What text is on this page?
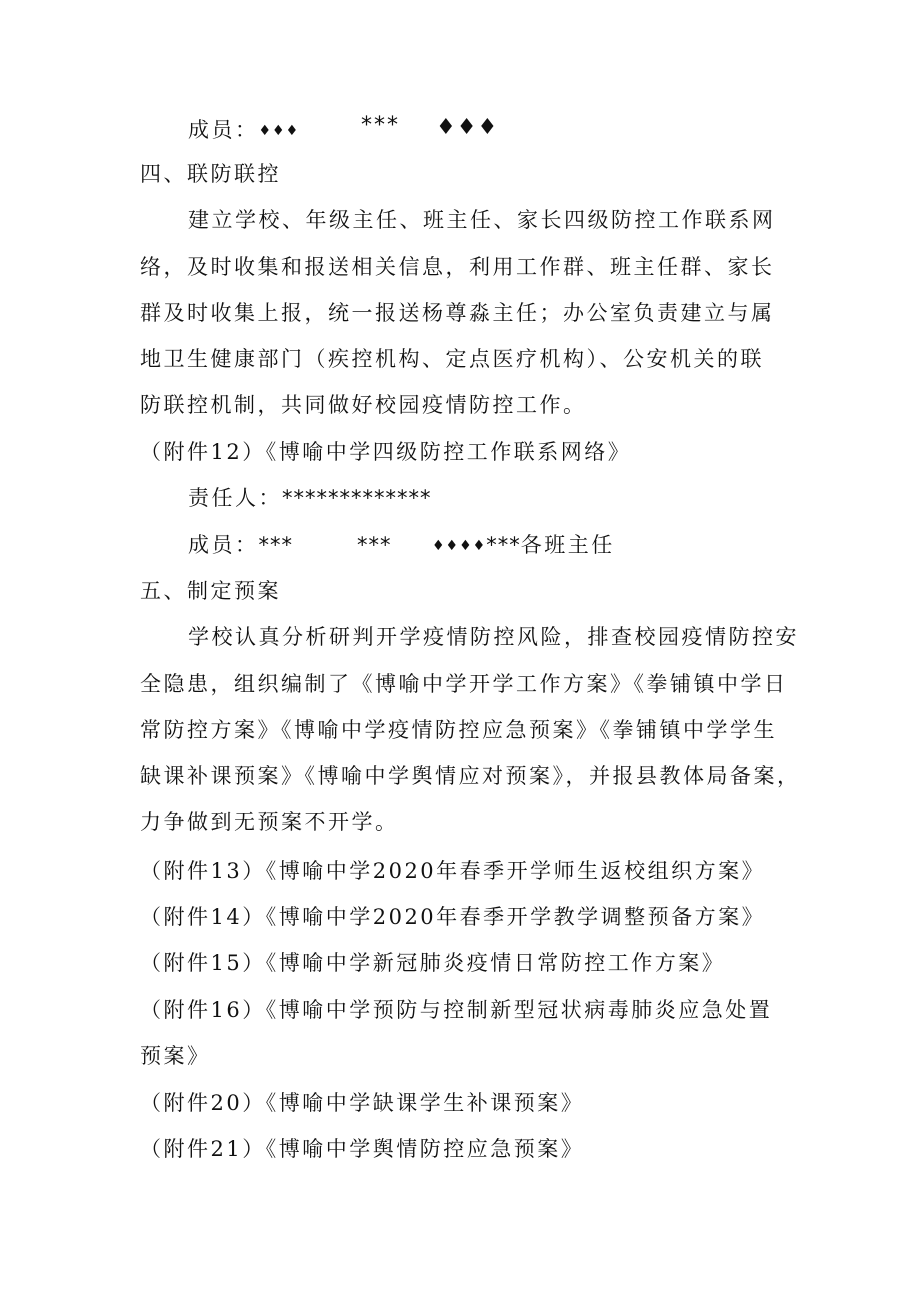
成员：♦♦♦	*** ♦♦♦
四、联防联控
建立学校、年级主任、班主任、家长四级防控工作联系网
络，及时收集和报送相关信息，利用工作群、班主任群、家长
群及时收集上报，统一报送杨尊淼主任；办公室负责建立与属
地卫生健康部门（疾控机构、定点医疗机构）、公安机关的联
防联控机制，共同做好校园疫情防控工作。
（附件12）《博喻中学四级防控工作联系网络》
责任人：*************
成员：***	***	♦♦♦♦***各班主任
五、制定预案
学校认真分析研判开学疫情防控风险，排查校园疫情防控安
全隐患，组织编制了《博喻中学开学工作方案》《拳铺镇中学日
常防控方案》《博喻中学疫情防控应急预案》《拳铺镇中学学生
缺课补课预案》《博喻中学舆情应对预案》，并报县教体局备案，
力争做到无预案不开学。
（附件13）《博喻中学2020年春季开学师生返校组织方案》
（附件14）《博喻中学2020年春季开学教学调整预备方案》
（附件15）《博喻中学新冠肺炎疫情日常防控工作方案》
（附件16）《博喻中学预防与控制新型冠状病毒肺炎应急处置
预案》
（附件20）《博喻中学缺课学生补课预案》
（附件21）《博喻中学舆情防控应急预案》
